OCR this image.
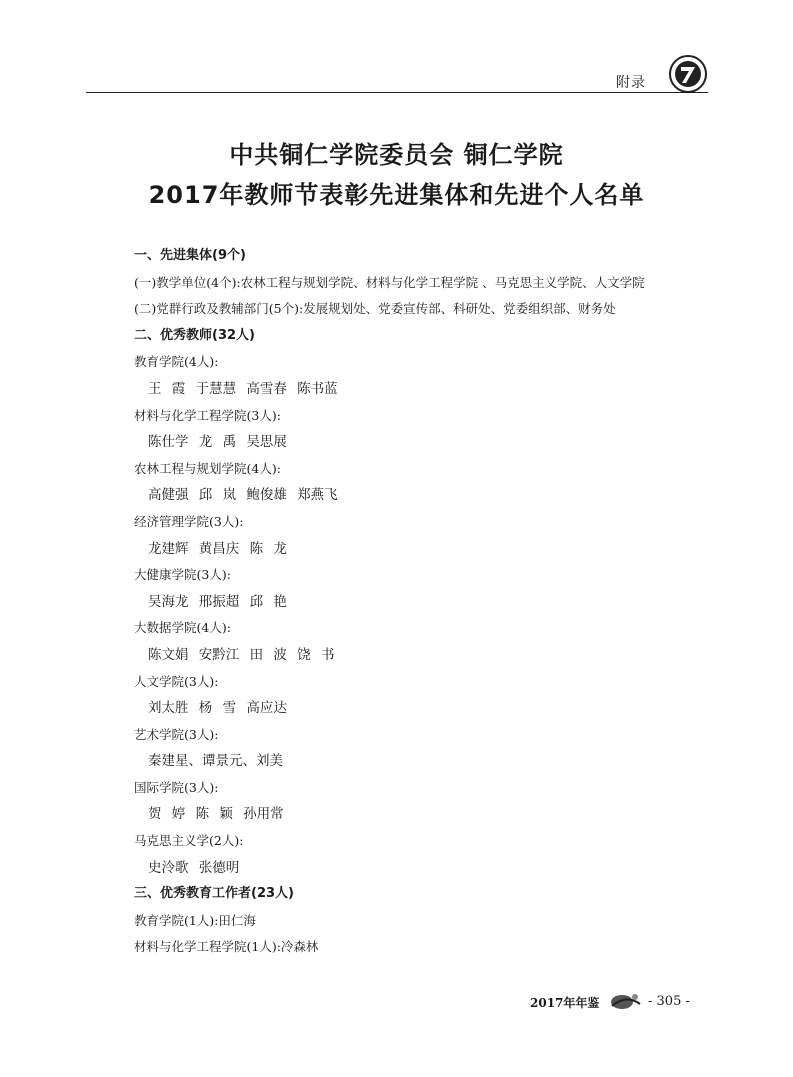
附录
中共铜仁学院委员会 铜仁学院
2017年教师节表彰先进集体和先进个人名单
一、先进集体(9个)
(一)教学单位(4个):农林工程与规划学院、材料与化学工程学院 、马克思主义学院、人文学院
(二)党群行政及教辅部门(5个):发展规划处、党委宣传部、科研处、党委组织部、财务处
二、优秀教师(32人)
教育学院(4人):
王 霞 于慧慧 高雪春 陈书蓝
材料与化学工程学院(3人):
陈仕学 龙 禹 吴思展
农林工程与规划学院(4人):
高健强 邱 岚 鲍俊雄 郑燕飞
经济管理学院(3人):
龙建辉 黄昌庆 陈 龙
大健康学院(3人):
吴海龙 邢振超 邱 艳
大数据学院(4人):
陈文娟 安黔江 田 波 饶 书
人文学院(3人):
刘太胜 杨 雪 高应达
艺术学院(3人):
秦建星、谭景元、刘美
国际学院(3人):
贺 婷 陈 颖 孙用常
马克思主义学(2人):
史泠歌 张德明
三、优秀教育工作者(23人)
教育学院(1人):田仁海
材料与化学工程学院(1人):冷森林
2017年年鉴	- 305 -
